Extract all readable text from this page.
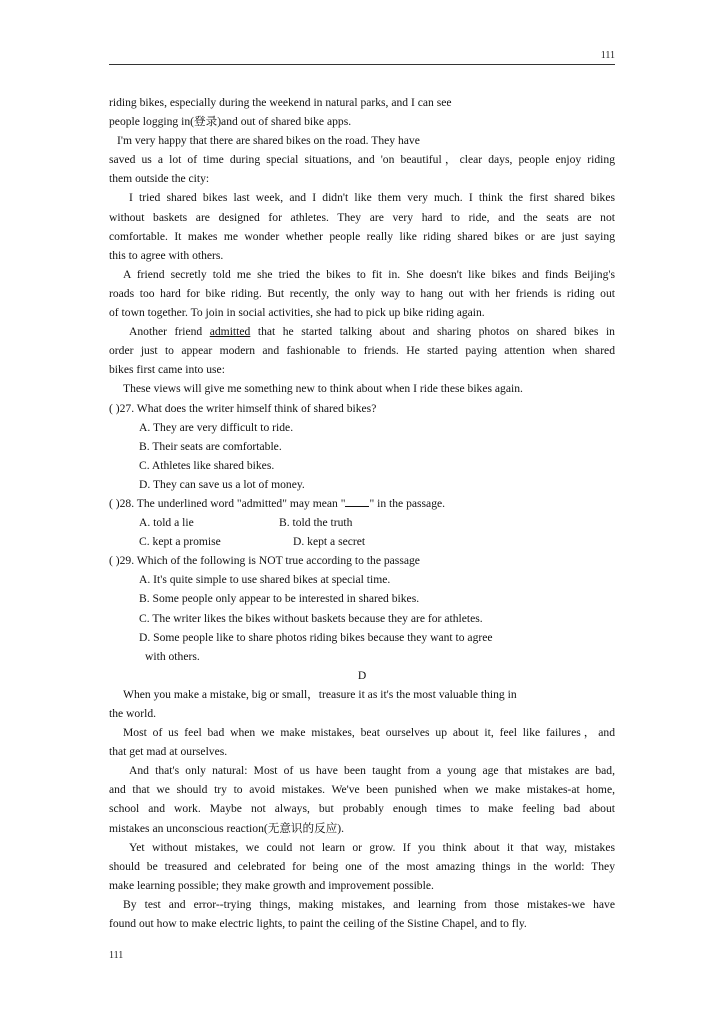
111
riding bikes, especially during the weekend in natural parks, and I can see
people logging in(登录)and out of shared bike apps.
I'm very happy that there are shared bikes on the road. They have
saved us a lot of time during special situations, and 'on beautiful，clear days, people enjoy riding
them outside the city:
I tried shared bikes last week, and I didn't like them very much. I think the first shared bikes
without baskets are designed for athletes. They are very hard to ride, and the seats are not
comfortable. It makes me wonder whether people really like riding shared bikes or are just saying
this to agree with others.
A friend secretly told me she tried the bikes to fit in. She doesn't like bikes and finds Beijing's
roads too hard for bike riding. But recently, the only way to hang out with her friends is riding out
of town together. To join in social activities, she had to pick up bike riding again.
Another friend admitted that he started talking about and sharing photos on shared bikes in
order just to appear modern and fashionable to friends. He started paying attention when shared
bikes first came into use:
These views will give me something new to think about when I ride these bikes again.
( )27. What does the writer himself think of shared bikes?
A. They are very difficult to ride.
B. Their seats are comfortable.
C. Athletes like shared bikes.
D. They can save us a lot of money.
( )28. The underlined word "admitted" may mean " " in the passage.
A. told a lie	B. told the truth
C. kept a promise	D. kept a secret
( )29. Which of the following is NOT true according to the passage
A. It's quite simple to use shared bikes at special time.
B. Some people only appear to be interested in shared bikes.
C. The writer likes the bikes without baskets because they are for athletes.
D. Some people like to share photos riding bikes because they want to agree
with others.
D
When you make a mistake, big or small，treasure it as it's the most valuable thing in
the world.
Most of us feel bad when we make mistakes, beat ourselves up about it, feel like failures，and
that get mad at ourselves.
And that's only natural: Most of us have been taught from a young age that mistakes are bad,
and that we should try to avoid mistakes. We've been punished when we make mistakes-at home,
school and work. Maybe not always, but probably enough times to make feeling bad about
mistakes an unconscious reaction(无意识的反应).
Yet without mistakes, we could not learn or grow. If you think about it that way, mistakes
should be treasured and celebrated for being one of the most amazing things in the world: They
make learning possible; they make growth and improvement possible.
By test and error--trying things, making mistakes, and learning from those mistakes-we have
found out how to make electric lights, to paint the ceiling of the Sistine Chapel, and to fly.
111
